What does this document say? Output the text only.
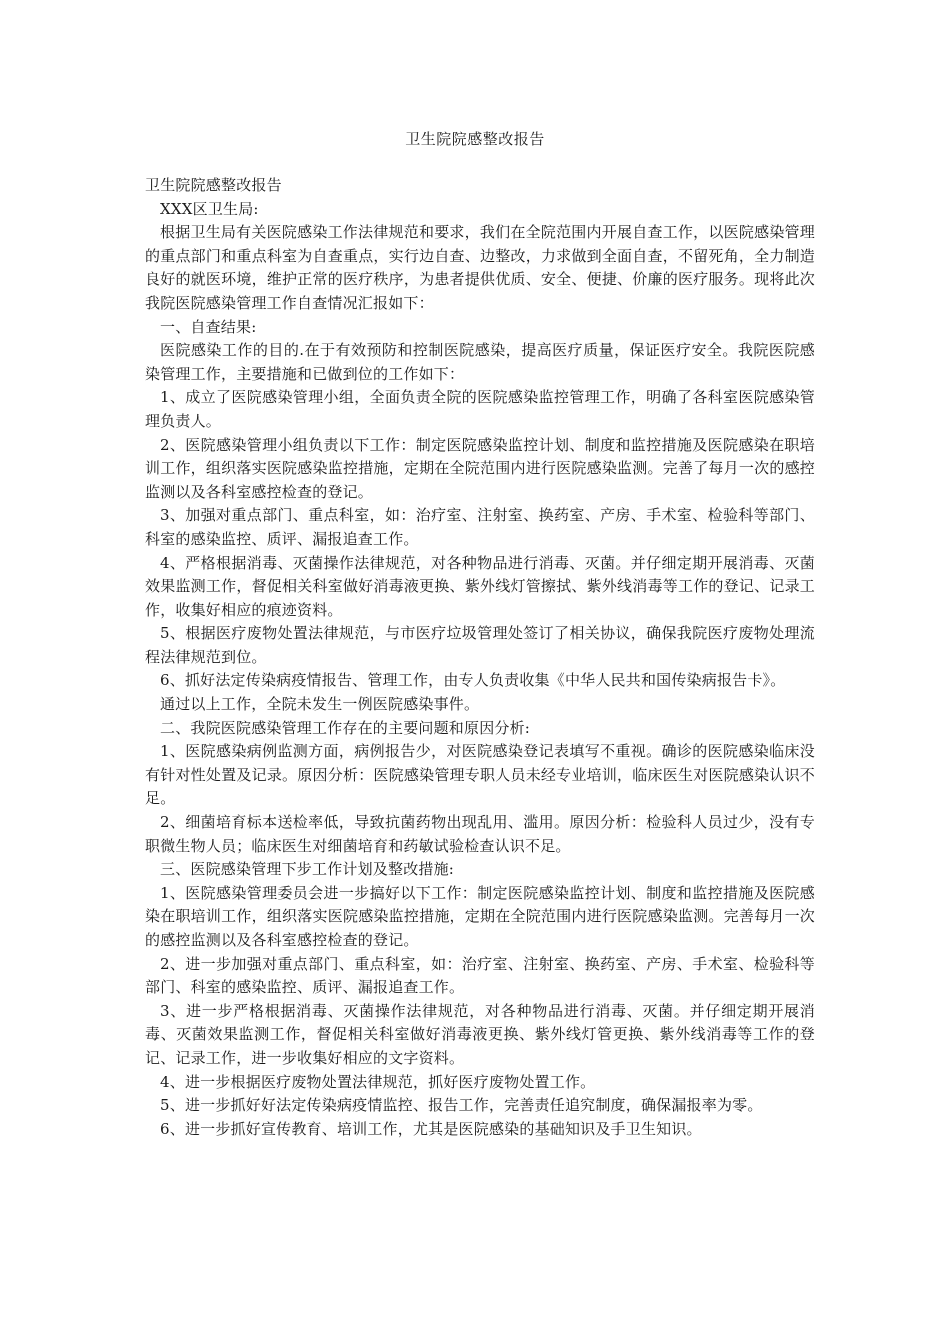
卫生院院感整改报告

卫生院院感整改报告

XXX区卫生局:

根据卫生局有关医院感染工作法律规范和要求，我们在全院范围内开展自查工作，以医院感染管理的重点部门和重点科室为自查重点，实行边自查、边整改，力求做到全面自查，不留死角，全力制造良好的就医环境，维护正常的医疗秩序，为患者提供优质、安全、便捷、价廉的医疗服务。现将此次我院医院感染管理工作自查情况汇报如下：

一、自查结果:

医院感染工作的目的.在于有效预防和控制医院感染，提高医疗质量，保证医疗安全。我院医院感染管理工作，主要措施和已做到位的工作如下：

1、成立了医院感染管理小组，全面负责全院的医院感染监控管理工作，明确了各科室医院感染管理负责人。

2、医院感染管理小组负责以下工作：制定医院感染监控计划、制度和监控措施及医院感染在职培训工作，组织落实医院感染监控措施，定期在全院范围内进行医院感染监测。完善了每月一次的感控监测以及各科室感控检查的登记。

3、加强对重点部门、重点科室，如：治疗室、注射室、换药室、产房、手术室、检验科等部门、科室的感染监控、质评、漏报追查工作。

4、严格根据消毒、灭菌操作法律规范，对各种物品进行消毒、灭菌。并仔细定期开展消毒、灭菌效果监测工作，督促相关科室做好消毒液更换、紫外线灯管擦拭、紫外线消毒等工作的登记、记录工作，收集好相应的痕迹资料。

5、根据医疗废物处置法律规范，与市医疗垃圾管理处签订了相关协议，确保我院医疗废物处理流程法律规范到位。

6、抓好法定传染病疫情报告、管理工作，由专人负责收集《中华人民共和国传染病报告卡》。

通过以上工作，全院未发生一例医院感染事件。

二、我院医院感染管理工作存在的主要问题和原因分析:

1、医院感染病例监测方面，病例报告少，对医院感染登记表填写不重视。确诊的医院感染临床没有针对性处置及记录。原因分析：医院感染管理专职人员未经专业培训，临床医生对医院感染认识不足。

2、细菌培育标本送检率低，导致抗菌药物出现乱用、滥用。原因分析：检验科人员过少，没有专职微生物人员；临床医生对细菌培育和药敏试验检查认识不足。

三、医院感染管理下步工作计划及整改措施:

1、医院感染管理委员会进一步搞好以下工作：制定医院感染监控计划、制度和监控措施及医院感染在职培训工作，组织落实医院感染监控措施，定期在全院范围内进行医院感染监测。完善每月一次的感控监测以及各科室感控检查的登记。

2、进一步加强对重点部门、重点科室，如：治疗室、注射室、换药室、产房、手术室、检验科等部门、科室的感染监控、质评、漏报追查工作。

3、进一步严格根据消毒、灭菌操作法律规范，对各种物品进行消毒、灭菌。并仔细定期开展消毒、灭菌效果监测工作，督促相关科室做好消毒液更换、紫外线灯管更换、紫外线消毒等工作的登记、记录工作，进一步收集好相应的文字资料。

4、进一步根据医疗废物处置法律规范，抓好医疗废物处置工作。

5、进一步抓好好法定传染病疫情监控、报告工作，完善责任追究制度，确保漏报率为零。

6、进一步抓好宣传教育、培训工作，尤其是医院感染的基础知识及手卫生知识。
